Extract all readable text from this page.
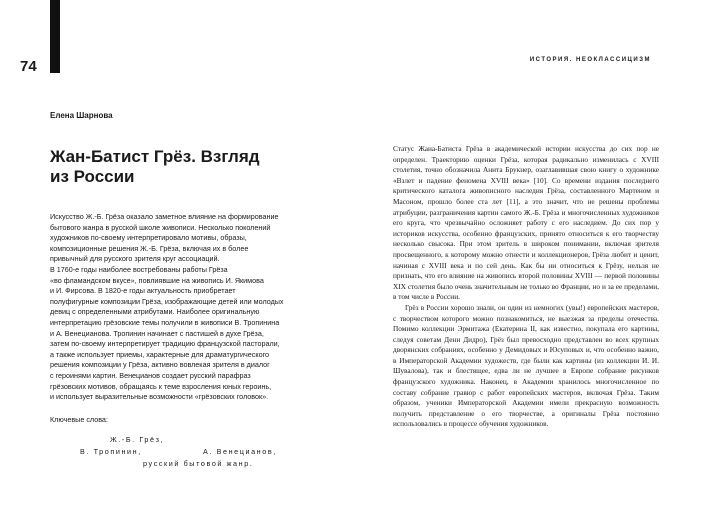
74	ИСТОРИЯ. НЕОКЛАССИЦИЗМ
Елена Шарнова
Жан-Батист Грёз. Взгляд
из России

Искусство Ж.-Б. Грёза оказало заметное влияние на формирование

бытового жанра в русской школе живописи. Несколько поколений

художников по-своему интерпретировало мотивы, образы,

композиционные решения Ж.-Б. Грёза, включая их в более

привычный для русского зрителя круг ассоциаций.

В 1760-е годы наиболее востребованы работы Грёза

«во фламандском вкусе», повлиявшие на живопись И. Якимова

и И. Фирсова. В 1820-е годы актуальность приобретает

полуфигурные композиции Грёза, изображающие детей или молодых

девиц с определенными атрибутами. Наиболее оригинальную

интерпретацию грёзовские темы получили в живописи В. Тропинина

и А. Венецианова. Тропинин начинает с пастишей в духе Грёза,

затем по-своему интерпретирует традицию французской пасторали,

а также использует приемы, характерные для драматургического

решения композиции у Грёза, активно вовлекая зрителя в диалог

с героинями картин. Венецианов создает русский парафраз

грёзовских мотивов, обращаясь к теме взросления юных героинь,

и использует выразительные возможности «грёзовских головок».

Ключевые слова:
Ж.-Б. Грёз,
В. Тропинин,	А. Венецианов,
русский бытовой жанр.

Статус Жана-Батиста Грёза в академической истории искусства до сих пор не определен. Траекторию оценки Грёза, которая радикально изменилась с XVIII столетия, точно обозначила Анита Брукнер, озаглавившая свою книгу о художнике «Взлет и падение феномена XVIII века» [10]. Со времени издания последнего критического каталога живописного наследия Грёза, составленного Мартеном и Масоном, прошло более ста лет [11], а это значит, что не решены проблемы атрибуции, разграничения картин самого Ж.-Б. Грёза и многочисленных художников его круга, что чрезвычайно осложняет работу с его наследием. До сих пор у историков искусства, особенно французских, принято относиться к его творчеству несколько свысока. При этом зритель в широком понимании, включая зрителя просвещенного, к которому можно отнести и коллекционеров, Грёза любит и ценит, начиная с XVIII века и по сей день. Как бы ни относиться к Грёзу, нельзя не признать, что его влияние на живопись второй половины XVIII — первой половины XIX столетия было очень значительным не только во Франции, но и за ее пределами, в том числе в России.

Грёз в России хорошо знали, он один из немногих (увы!) европейских мастеров, с творчеством которого можно познакомиться, не выезжая за пределы отечества. Помимо коллекции Эрмитажа (Екатерина II, как известно, покупала его картины, следуя советам Дени Дидро), Грёз был превосходно представлен во всех крупных дворянских собраниях, особенно у Демидовых и Юсуповых и, что особенно важно, в Императорской Академии художеств, где были как картины (из коллекции И. И. Шувалова), так и блестящее, едва ли не лучшее в Европе собрание рисунков французского художника. Наконец, в Академии хранилось многочисленное по составу собрание гравюр с работ европейских мастеров, включая Грёза. Таким образом, ученики Императорской Академии имели прекрасную возможность получить представление о его творчестве, а оригиналы Грёза постоянно использовались в процессе обучения художников.
